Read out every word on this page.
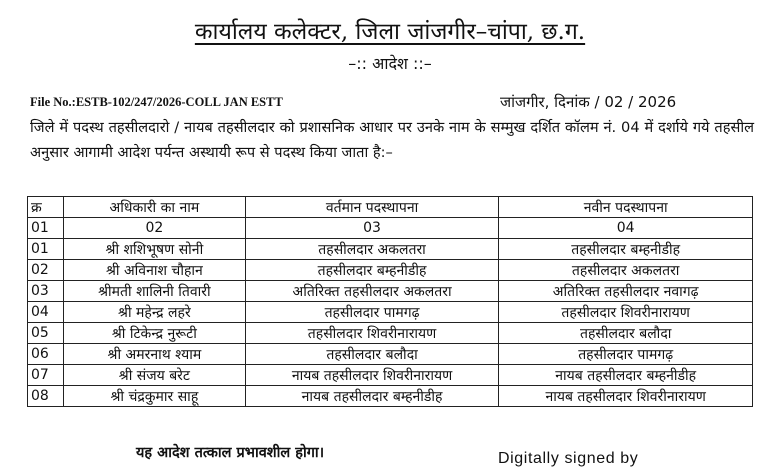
कार्यालय कलेक्टर, जिला जांजगीर–चांपा, छ.ग.
–:: आदेश ::–
File No.:ESTB-102/247/2026-COLL JAN ESTT	जांजगीर, दिनांक / 02 / 2026
जिले में पदस्थ तहसीलदारो / नायब तहसीलदार को प्रशासनिक आधार पर उनके नाम के सम्मुख दर्शित कॉलम नं. 04 में दर्शाये गये तहसील अनुसार आगामी आदेश पर्यन्त अस्थायी रूप से पदस्थ किया जाता है:–
क्र	अधिकारी का नाम	वर्तमान पदस्थापना	नवीन पदस्थापना
01	02	03	04
01	श्री शशिभूषण सोनी	तहसीलदार अकलतरा	तहसीलदार बम्हनीडीह
02	श्री अविनाश चौहान	तहसीलदार बम्हनीडीह	तहसीलदार अकलतरा
03	श्रीमती शालिनी तिवारी	अतिरिक्त तहसीलदार अकलतरा	अतिरिक्त तहसीलदार नवागढ़
04	श्री महेन्द्र लहरे	तहसीलदार पामगढ़	तहसीलदार शिवरीनारायण
05	श्री टिकेन्द्र नुरूटी	तहसीलदार शिवरीनारायण	तहसीलदार बलौदा
06	श्री अमरनाथ श्याम	तहसीलदार बलौदा	तहसीलदार पामगढ़
07	श्री संजय बरेट	नायब तहसीलदार शिवरीनारायण	नायब तहसीलदार बम्हनीडीह
08	श्री चंद्रकुमार साहू	नायब तहसीलदार बम्हनीडीह	नायब तहसीलदार शिवरीनारायण
यह आदेश तत्काल प्रभावशील होगा।	Digitally signed by
